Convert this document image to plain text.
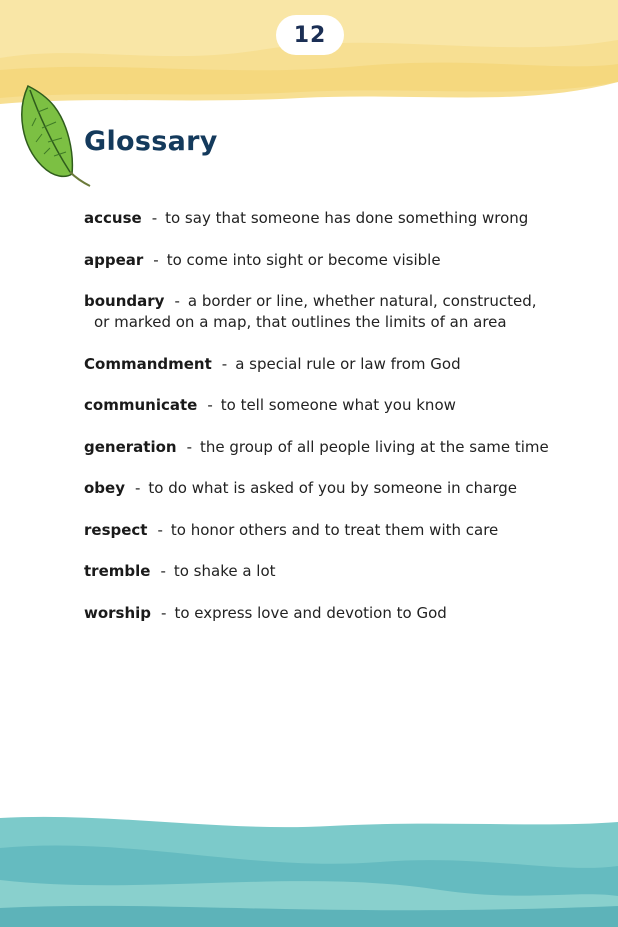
12
Glossary
accuse - to say that someone has done something wrong
appear - to come into sight or become visible
boundary - a border or line, whether natural, constructed,
or marked on a map, that outlines the limits of an area
Commandment - a special rule or law from God
communicate - to tell someone what you know
generation - the group of all people living at the same time
obey - to do what is asked of you by someone in charge
respect - to honor others and to treat them with care
tremble - to shake a lot
worship - to express love and devotion to God
